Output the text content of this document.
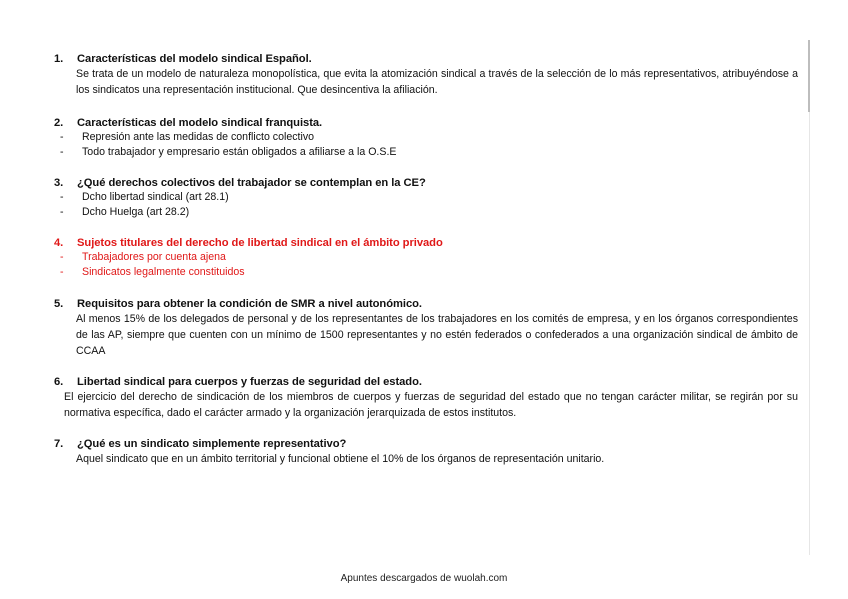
1.	Características del modelo sindical Español.
Se trata de un modelo de naturaleza monopolística, que evita la atomización sindical a través de la selección de lo más representativos, atribuyéndose a los sindicatos una representación institucional. Que desincentiva la afiliación.
2.	Características del modelo sindical franquista.
-	Represión ante las medidas de conflicto colectivo
-	Todo trabajador y empresario están obligados a afiliarse a la O.S.E
3.	¿Qué derechos colectivos del trabajador se contemplan en la CE?
-	Dcho libertad sindical (art 28.1)
-	Dcho Huelga (art 28.2)
4.	Sujetos titulares del derecho de libertad sindical en el ámbito privado
-	Trabajadores por cuenta ajena
-	Sindicatos legalmente constituidos
5.	Requisitos para obtener la condición de SMR a nivel autonómico.
Al menos 15% de los delegados de personal y de los representantes de los trabajadores en los comités de empresa, y en los órganos correspondientes de las AP, siempre que cuenten con un mínimo de 1500 representantes y no estén federados o confederados a una organización sindical de ámbito de CCAA
6.	Libertad sindical para cuerpos y fuerzas de seguridad del estado.
El ejercicio del derecho de sindicación de los miembros de cuerpos y fuerzas de seguridad del estado que no tengan carácter militar, se regirán por su normativa específica, dado el carácter armado y la organización jerarquizada de estos institutos.
7.	¿Qué es un sindicato simplemente representativo?
Aquel sindicato que en un ámbito territorial y funcional obtiene el 10% de los órganos de representación unitario.
Apuntes descargados de wuolah.com
